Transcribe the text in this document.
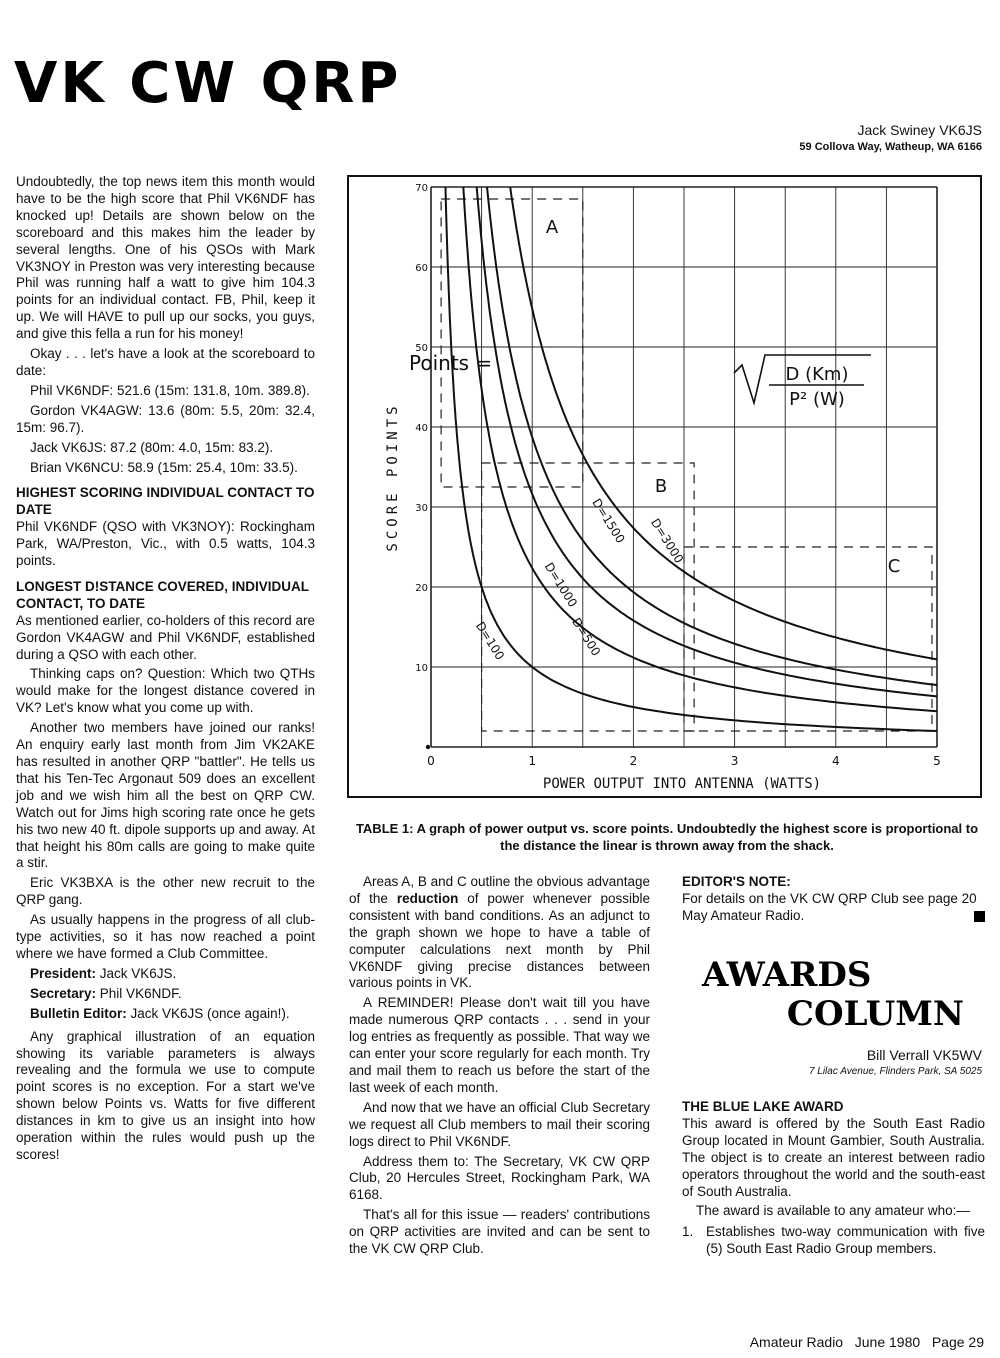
VK CW QRP
Jack Swiney VK6JS
59 Collova Way, Watheup, WA 6166

Undoubtedly, the top news item this month would have to be the high score that Phil VK6NDF has knocked up! Details are shown below on the scoreboard and this makes him the leader by several lengths. One of his QSOs with Mark VK3NOY in Preston was very interesting because Phil was running half a watt to give him 104.3 points for an individual contact. FB, Phil, keep it up. We will HAVE to pull up our socks, you guys, and give this fella a run for his money!

Okay . . . let's have a look at the scoreboard to date:

Phil VK6NDF: 521.6 (15m: 131.8, 10m. 389.8).

Gordon VK4AGW: 13.6 (80m: 5.5, 20m: 32.4, 15m: 96.7).

Jack VK6JS: 87.2 (80m: 4.0, 15m: 83.2).

Brian VK6NCU: 58.9 (15m: 25.4, 10m: 33.5).

HIGHEST SCORING INDIVIDUAL CONTACT TO DATE

Phil VK6NDF (QSO with VK3NOY): Rockingham Park, WA/Preston, Vic., with 0.5 watts, 104.3 points.

LONGEST D!STANCE COVERED, INDIVIDUAL CONTACT, TO DATE

As mentioned earlier, co-holders of this record are Gordon VK4AGW and Phil VK6NDF, established during a QSO with each other.

Thinking caps on? Question: Which two QTHs would make for the longest distance covered in VK? Let's know what you come up with.

Another two members have joined our ranks! An enquiry early last month from Jim VK2AKE has resulted in another QRP "battler". He tells us that his Ten-Tec Argonaut 509 does an excellent job and we wish him all the best on QRP CW. Watch out for Jims high scoring rate once he gets his two new 40 ft. dipole supports up and away. At that height his 80m calls are going to make quite a stir.

Eric VK3BXA is the other new recruit to the QRP gang.

As usually happens in the progress of all club-type activities, so it has now reached a point where we have formed a Club Committee.

President: Jack VK6JS.

Secretary: Phil VK6NDF.

Bulletin Editor: Jack VK6JS (once again!).

Any graphical illustration of an equation showing its variable parameters is always revealing and the formula we use to compute point scores is no exception. For a start we've shown below Points vs. Watts for five different distances in km to give us an insight into how operation within the rules would push up the scores!

D=100	D=500
D=1000
D=1500 D=3000
0	1	2	3	4	5
10
20
30
40
50
60
70
POWER OUTPUT INTO ANTENNA (WATTS)
SCORE POINTS
Points =	D (Km)
P² (W)
A
B
C
TABLE 1: A graph of power output vs. score points. Undoubtedly the highest score is proportional to the distance the linear is thrown away from the shack.

Areas A, B and C outline the obvious advantage of the reduction of power whenever possible consistent with band conditions. As an adjunct to the graph shown we hope to have a table of computer calculations next month by Phil VK6NDF giving precise distances between various points in VK.

A REMINDER! Please don't wait till you have made numerous QRP contacts . . . send in your log entries as frequently as possible. That way we can enter your score regularly for each month. Try and mail them to reach us before the start of the last week of each month.

And now that we have an official Club Secretary we request all Club members to mail their scoring logs direct to Phil VK6NDF.

Address them to: The Secretary, VK CW QRP Club, 20 Hercules Street, Rockingham Park, WA 6168.

That's all for this issue — readers' contributions on QRP activities are invited and can be sent to the VK CW QRP Club.

EDITOR'S NOTE:

For details on the VK CW QRP Club see page 20 May Amateur Radio.

AWARDS
COLUMN
Bill Verrall VK5WV
7 Lilac Avenue, Flinders Park, SA 5025
THE BLUE LAKE AWARD

This award is offered by the South East Radio Group located in Mount Gambier, South Australia. The object is to create an interest between radio operators throughout the world and the south-east of South Australia.

The award is available to any amateur who:—

1. Establishes two-way communication with five (5) South East Radio Group members.
Amateur Radio   June 1980   Page 29
